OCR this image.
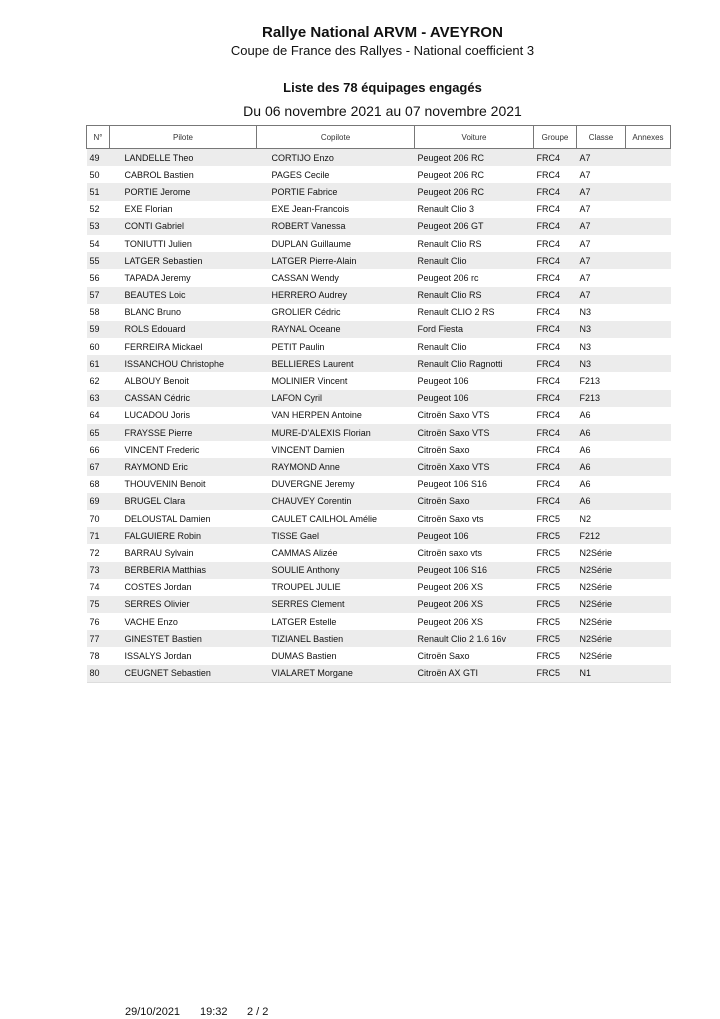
Rallye National ARVM - AVEYRON
Coupe de France des Rallyes - National coefficient 3
Liste des 78 équipages engagés
Du 06 novembre 2021 au 07 novembre 2021
N°	Pilote	Copilote	Voiture	Groupe	Classe	Annexes
49	LANDELLE Theo	CORTIJO Enzo	Peugeot 206 RC	FRC4	A7	
50	CABROL Bastien	PAGES Cecile	Peugeot 206 RC	FRC4	A7	
51	PORTIE Jerome	PORTIE Fabrice	Peugeot 206 RC	FRC4	A7	
52	EXE Florian	EXE Jean-Francois	Renault Clio 3	FRC4	A7	
53	CONTI Gabriel	ROBERT Vanessa	Peugeot 206 GT	FRC4	A7	
54	TONIUTTI Julien	DUPLAN Guillaume	Renault Clio RS	FRC4	A7	
55	LATGER Sebastien	LATGER Pierre-Alain	Renault Clio	FRC4	A7	
56	TAPADA Jeremy	CASSAN Wendy	Peugeot 206 rc	FRC4	A7	
57	BEAUTES Loic	HERRERO Audrey	Renault Clio RS	FRC4	A7	
58	BLANC Bruno	GROLIER Cédric	Renault CLIO 2 RS	FRC4	N3	
59	ROLS Edouard	RAYNAL Oceane	Ford Fiesta	FRC4	N3	
60	FERREIRA Mickael	PETIT Paulin	Renault Clio	FRC4	N3	
61	ISSANCHOU Christophe	BELLIERES Laurent	Renault Clio Ragnotti	FRC4	N3	
62	ALBOUY Benoit	MOLINIER Vincent	Peugeot 106	FRC4	F213	
63	CASSAN Cédric	LAFON Cyril	Peugeot 106	FRC4	F213	
64	LUCADOU Joris	VAN HERPEN Antoine	Citroën Saxo VTS	FRC4	A6	
65	FRAYSSE Pierre	MURE-D'ALEXIS Florian	Citroën Saxo VTS	FRC4	A6	
66	VINCENT Frederic	VINCENT Damien	Citroën Saxo	FRC4	A6	
67	RAYMOND Eric	RAYMOND Anne	Citroën Xaxo VTS	FRC4	A6	
68	THOUVENIN Benoit	DUVERGNE Jeremy	Peugeot 106 S16	FRC4	A6	
69	BRUGEL Clara	CHAUVEY Corentin	Citroën Saxo	FRC4	A6	
70	DELOUSTAL Damien	CAULET CAILHOL Amélie	Citroën Saxo vts	FRC5	N2	
71	FALGUIERE Robin	TISSE Gael	Peugeot 106	FRC5	F212	
72	BARRAU Sylvain	CAMMAS Alizée	Citroën saxo vts	FRC5	N2Série	
73	BERBERIA Matthias	SOULIE Anthony	Peugeot 106 S16	FRC5	N2Série	
74	COSTES Jordan	TROUPEL JULIE	Peugeot 206 XS	FRC5	N2Série	
75	SERRES Olivier	SERRES Clement	Peugeot 206 XS	FRC5	N2Série	
76	VACHE Enzo	LATGER Estelle	Peugeot 206 XS	FRC5	N2Série	
77	GINESTET Bastien	TIZIANEL Bastien	Renault Clio 2 1.6 16v	FRC5	N2Série	
78	ISSALYS Jordan	DUMAS Bastien	Citroën Saxo	FRC5	N2Série	
80	CEUGNET Sebastien	VIALARET Morgane	Citroën AX GTI	FRC5	N1	
29/10/2021 19:32 2 / 2
